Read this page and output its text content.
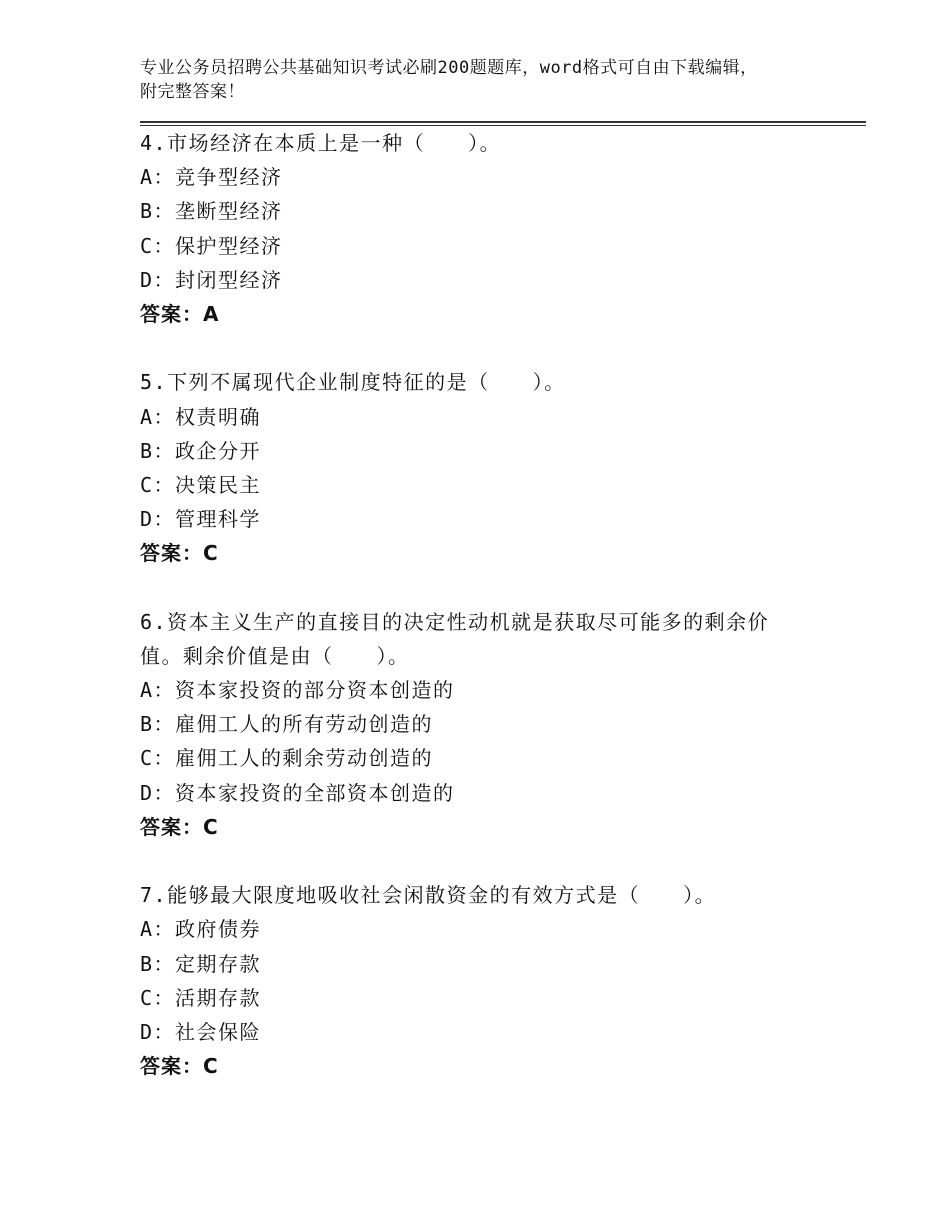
专业公务员招聘公共基础知识考试必刷200题题库，word格式可自由下载编辑，
附完整答案！
4.市场经济在本质上是一种（　　）。
A：竞争型经济
B：垄断型经济
C：保护型经济
D：封闭型经济
答案：A
5.下列不属现代企业制度特征的是（　　）。
A：权责明确
B：政企分开
C：决策民主
D：管理科学
答案：C
6.资本主义生产的直接目的决定性动机就是获取尽可能多的剩余价
值。剩余价值是由（　　）。
A：资本家投资的部分资本创造的
B：雇佣工人的所有劳动创造的
C：雇佣工人的剩余劳动创造的
D：资本家投资的全部资本创造的
答案：C
7.能够最大限度地吸收社会闲散资金的有效方式是（　　）。
A：政府债券
B：定期存款
C：活期存款
D：社会保险
答案：C
